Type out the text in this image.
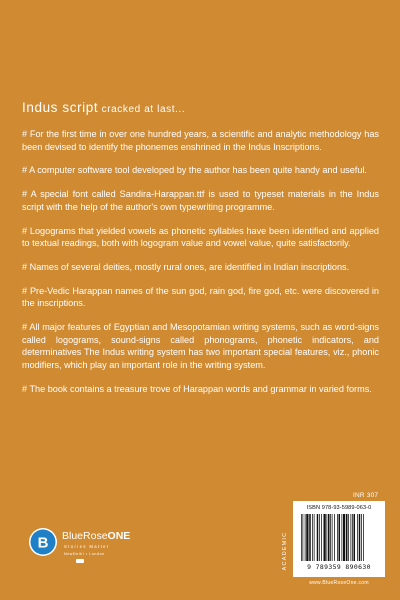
Indus script cracked at last...

# For the first time in over one hundred years, a scientific and analytic methodology has been devised to identify the phonemes enshrined in the Indus Inscriptions.

# A computer software tool developed by the author has been quite handy and useful.

# A special font called Sandira-Harappan.ttf is used to typeset materials in the Indus script with the help of the author's own typewriting programme.

# Logograms that yielded vowels as phonetic syllables have been identified and applied to textual readings, both with logogram value and vowel value, quite satisfactorily.

# Names of several deities, mostly rural ones, are identified in Indian inscriptions.

# Pre-Vedic Harappan names of the sun god, rain god, fire god, etc. were discovered in the inscriptions.

# All major features of Egyptian and Mesopotamian writing systems, such as word-signs called logograms, sound-signs called phonograms, phonetic indicators, and determinatives The Indus writing system has two important special features, viz., phonic modifiers, which play an important role in the writing system.

# The book contains a treasure trove of Harappan words and grammar in varied forms.

INR 307
ACADEMIC
ISBN 978-93-5989-063-0
9 789359 890630
www.BlueRoseOne.com
B BlueRoseONE
Stories Matter
NewDelhi • London
